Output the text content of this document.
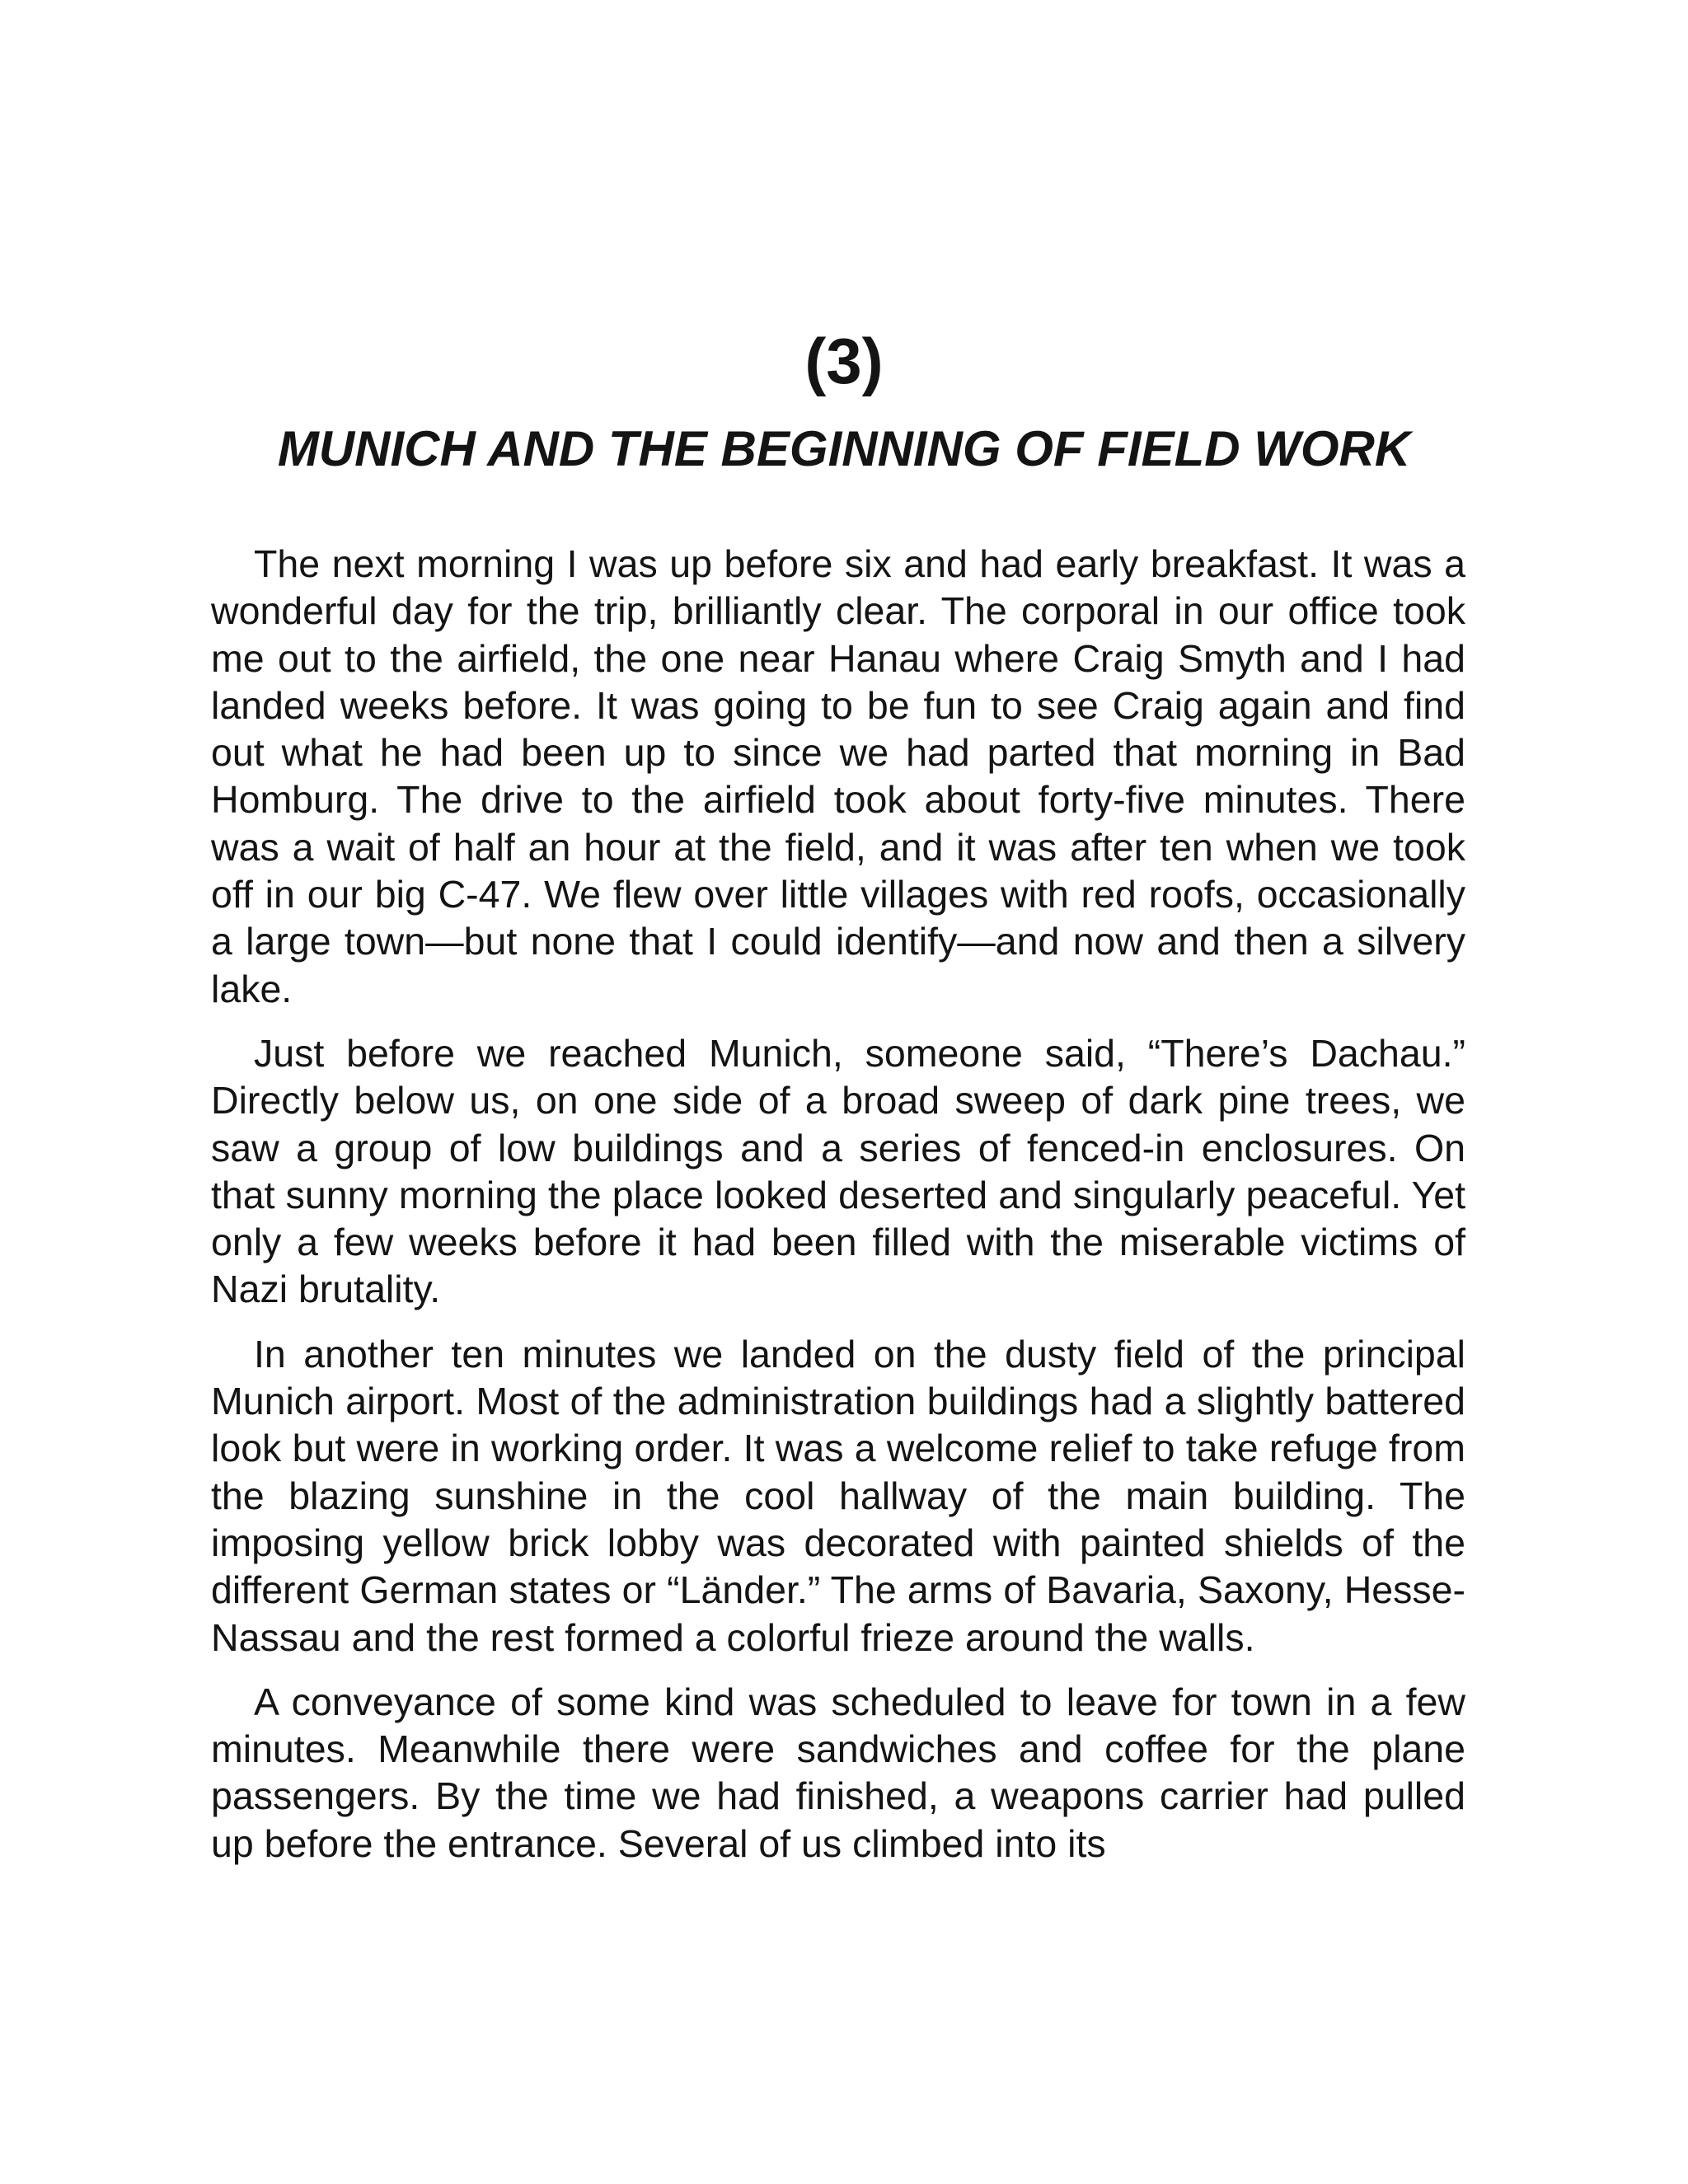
(3)
MUNICH AND THE BEGINNING OF FIELD WORK

The next morning I was up before six and had early breakfast. It was a wonderful day for the trip, brilliantly clear. The corporal in our office took me out to the airfield, the one near Hanau where Craig Smyth and I had landed weeks before. It was going to be fun to see Craig again and find out what he had been up to since we had parted that morning in Bad Homburg. The drive to the airfield took about forty-five minutes. There was a wait of half an hour at the field, and it was after ten when we took off in our big C-47. We flew over little villages with red roofs, occasionally a large town—but none that I could identify—and now and then a silvery lake.

Just before we reached Munich, someone said, “There’s Dachau.” Directly below us, on one side of a broad sweep of dark pine trees, we saw a group of low buildings and a series of fenced-in enclosures. On that sunny morning the place looked deserted and singularly peaceful. Yet only a few weeks before it had been filled with the miserable victims of Nazi brutality.

In another ten minutes we landed on the dusty field of the principal Munich airport. Most of the administration buildings had a slightly battered look but were in working order. It was a welcome relief to take refuge from the blazing sunshine in the cool hallway of the main building. The imposing yellow brick lobby was decorated with painted shields of the different German states or “Länder.” The arms of Bavaria, Saxony, Hesse-Nassau and the rest formed a colorful frieze around the walls.

A conveyance of some kind was scheduled to leave for town in a few minutes. Meanwhile there were sandwiches and coffee for the plane passengers. By the time we had finished, a weapons carrier had pulled up before the entrance. Several of us climbed into its
